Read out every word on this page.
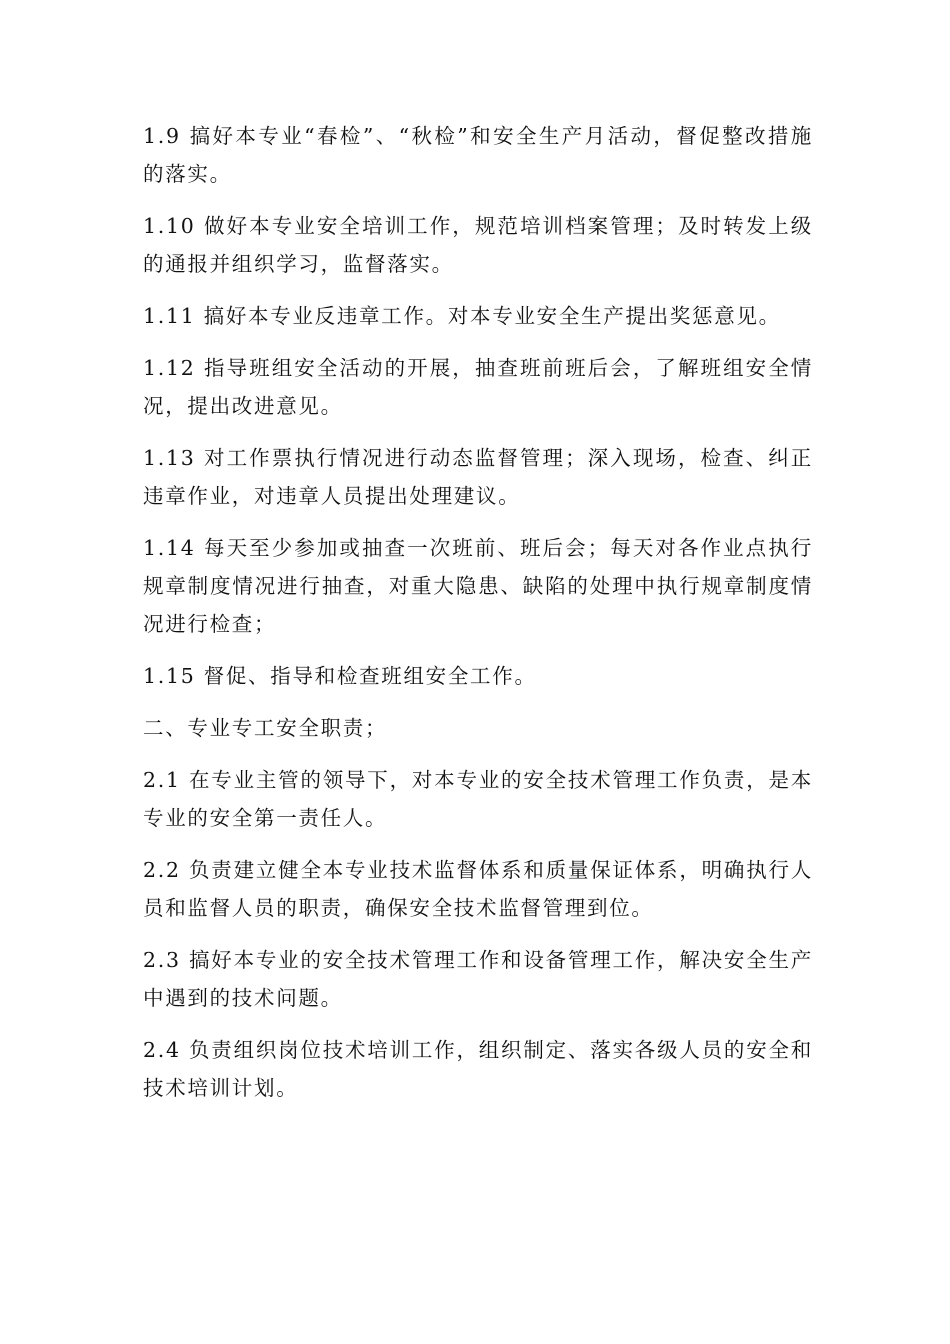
1.9 搞好本专业“春检”、“秋检”和安全生产月活动，督促整改措施的落实。

1.10 做好本专业安全培训工作，规范培训档案管理；及时转发上级的通报并组织学习，监督落实。

1.11 搞好本专业反违章工作。对本专业安全生产提出奖惩意见。

1.12 指导班组安全活动的开展，抽查班前班后会，了解班组安全情况，提出改进意见。

1.13 对工作票执行情况进行动态监督管理；深入现场，检查、纠正违章作业，对违章人员提出处理建议。

1.14 每天至少参加或抽查一次班前、班后会；每天对各作业点执行规章制度情况进行抽查，对重大隐患、缺陷的处理中执行规章制度情况进行检查；

1.15 督促、指导和检查班组安全工作。

二、专业专工安全职责；

2.1 在专业主管的领导下，对本专业的安全技术管理工作负责，是本专业的安全第一责任人。

2.2 负责建立健全本专业技术监督体系和质量保证体系，明确执行人员和监督人员的职责，确保安全技术监督管理到位。

2.3 搞好本专业的安全技术管理工作和设备管理工作，解决安全生产中遇到的技术问题。

2.4 负责组织岗位技术培训工作，组织制定、落实各级人员的安全和技术培训计划。
